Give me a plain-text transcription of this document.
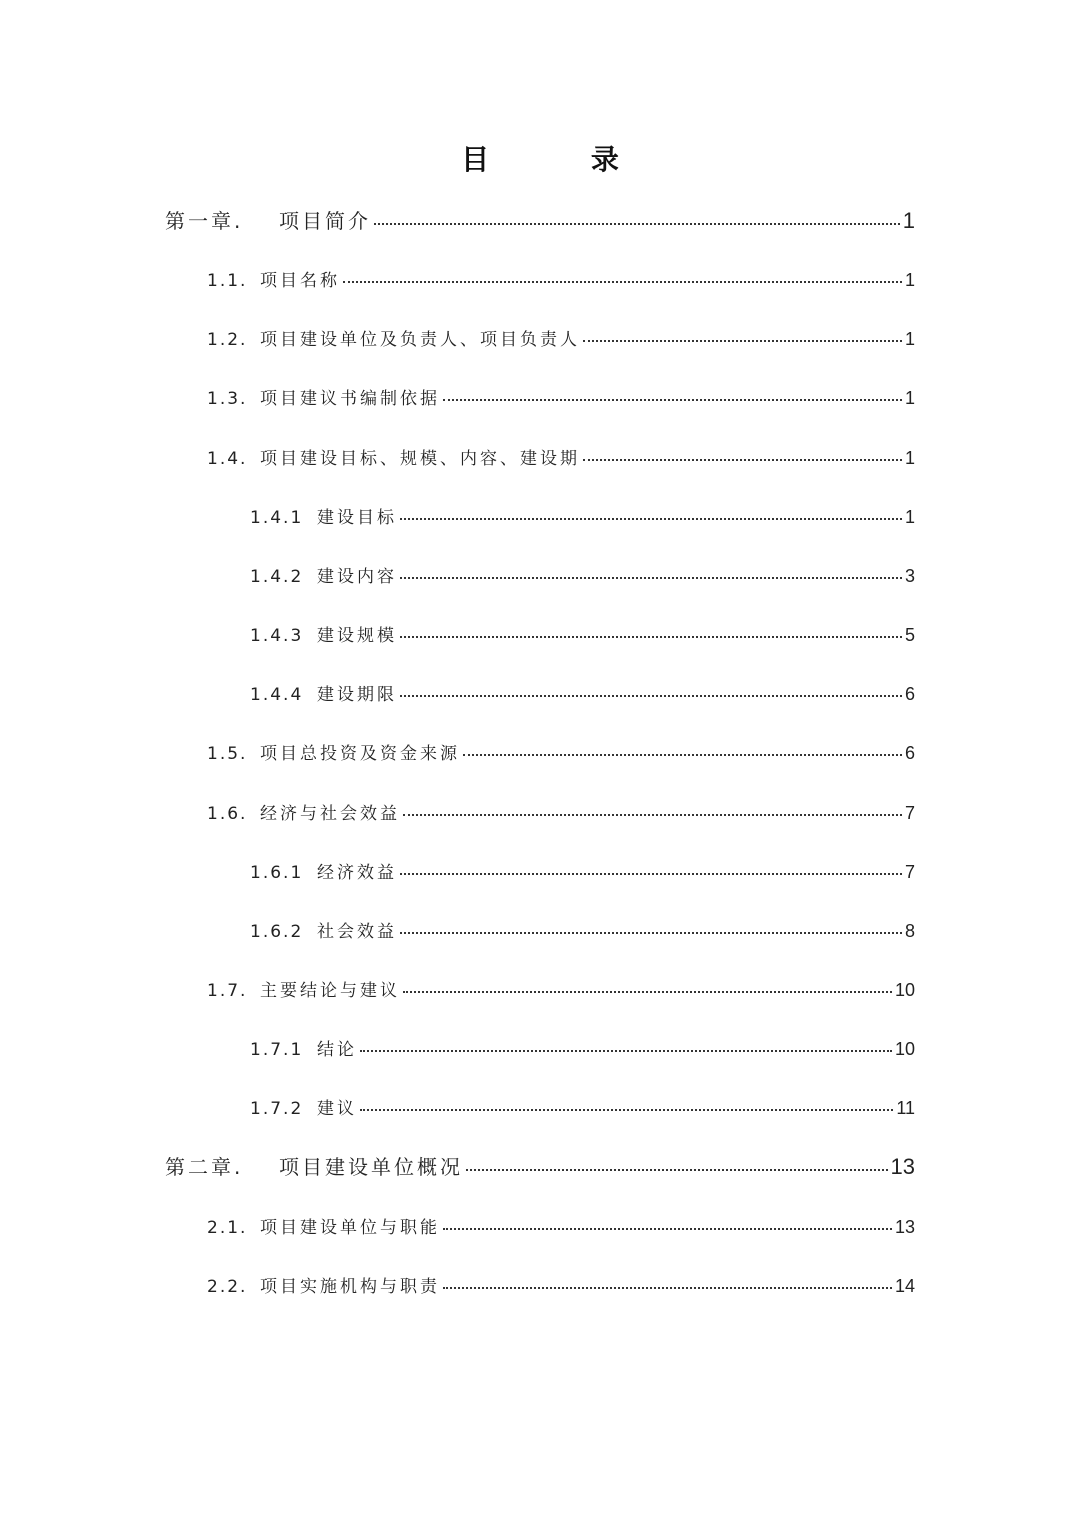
目 录
第一章.	项目简介	1
1.1. 项目名称	1
1.2. 项目建设单位及负责人、项目负责人	1
1.3. 项目建议书编制依据	1
1.4. 项目建设目标、规模、内容、建设期	1
1.4.1 建设目标	1
1.4.2 建设内容	3
1.4.3 建设规模	5
1.4.4 建设期限	6
1.5. 项目总投资及资金来源	6
1.6. 经济与社会效益	7
1.6.1 经济效益	7
1.6.2 社会效益	8
1.7. 主要结论与建议	10
1.7.1 结论	10
1.7.2 建议	11
第二章.	项目建设单位概况	13
2.1. 项目建设单位与职能	13
2.2. 项目实施机构与职责	14
